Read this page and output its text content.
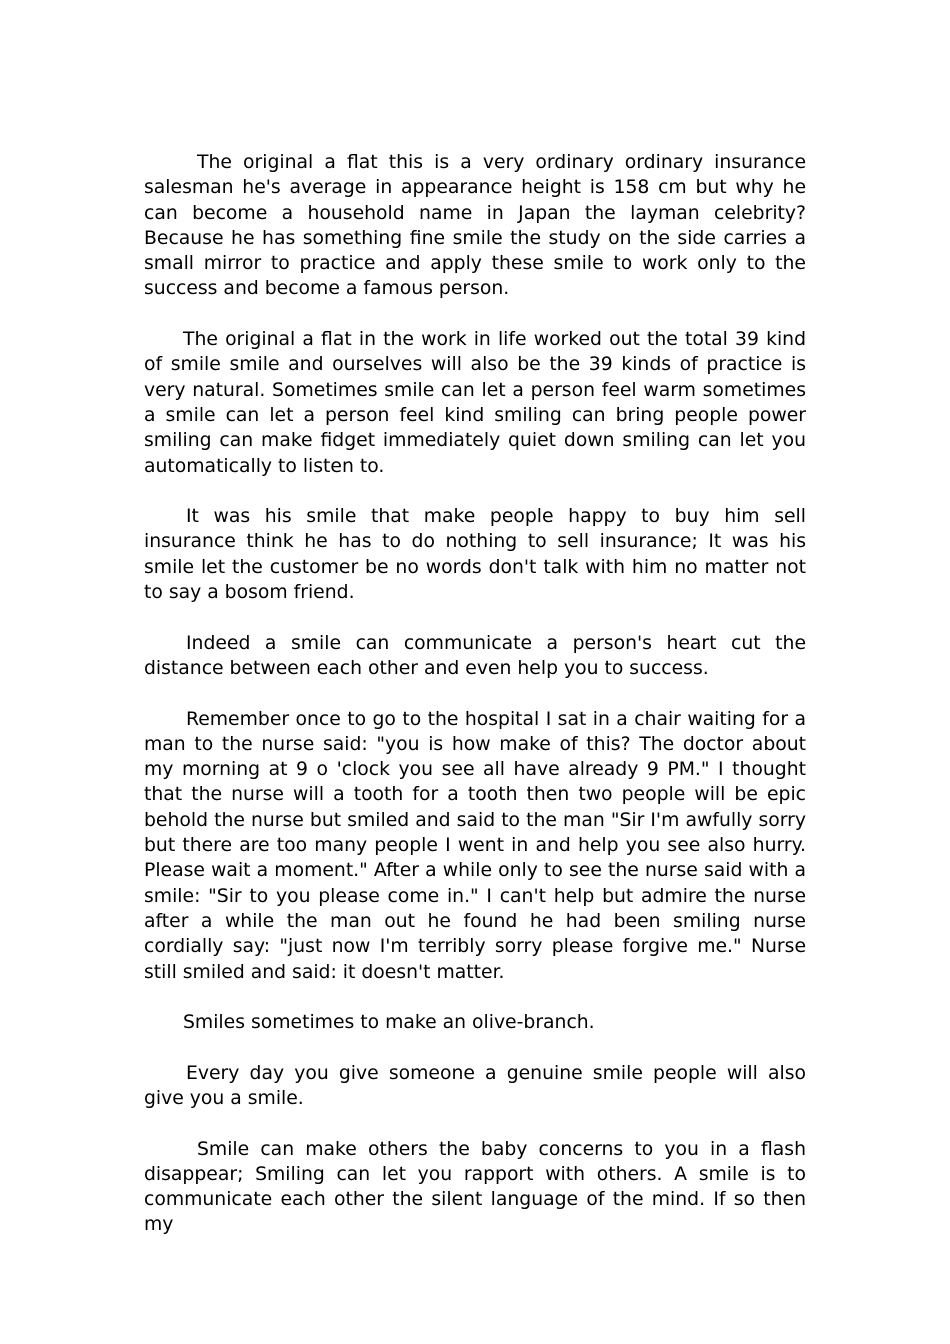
The original a flat this is a very ordinary ordinary insurance salesman he's average in appearance height is 158 cm but why he can become a household name in Japan the layman celebrity? Because he has something fine smile the study on the side carries a small mirror to practice and apply these smile to work only to the success and become a famous person.

The original a flat in the work in life worked out the total 39 kind of smile smile and ourselves will also be the 39 kinds of practice is very natural. Sometimes smile can let a person feel warm sometimes a smile can let a person feel kind smiling can bring people power smiling can make fidget immediately quiet down smiling can let you automatically to listen to.

It was his smile that make people happy to buy him sell insurance think he has to do nothing to sell insurance; It was his smile let the customer be no words don't talk with him no matter not to say a bosom friend.

Indeed a smile can communicate a person's heart cut the distance between each other and even help you to success.

Remember once to go to the hospital I sat in a chair waiting for a man to the nurse said: "you is how make of this? The doctor about my morning at 9 o 'clock you see all have already 9 PM." I thought that the nurse will a tooth for a tooth then two people will be epic behold the nurse but smiled and said to the man "Sir I'm awfully sorry but there are too many people I went in and help you see also hurry. Please wait a moment." After a while only to see the nurse said with a smile: "Sir to you please come in." I can't help but admire the nurse after a while the man out he found he had been smiling nurse cordially say: "just now I'm terribly sorry please forgive me." Nurse still smiled and said: it doesn't matter.

Smiles sometimes to make an olive-branch.

Every day you give someone a genuine smile people will also give you a smile.

Smile can make others the baby concerns to you in a flash disappear; Smiling can let you rapport with others. A smile is to communicate each other the silent language of the mind. If so then my
